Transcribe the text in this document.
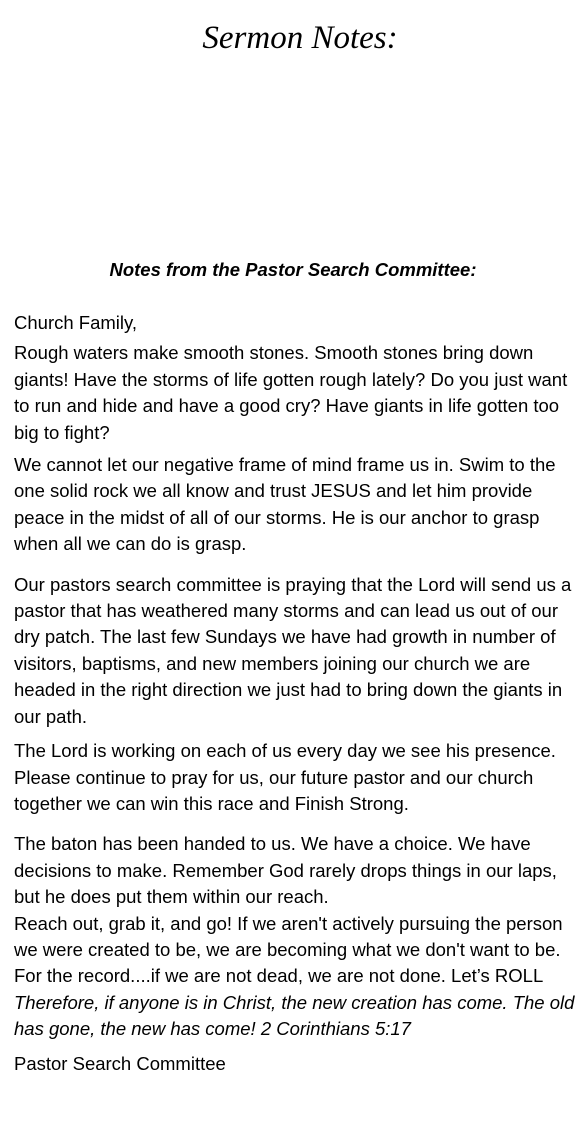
Sermon Notes:
Notes from the Pastor Search Committee:

Church Family,

Rough waters make smooth stones. Smooth stones bring down giants! Have the storms of life gotten rough lately? Do you just want to run and hide and have a good cry? Have giants in life gotten too big to fight?

We cannot let our negative frame of mind frame us in. Swim to the one solid rock we all know and trust JESUS and let him provide peace in the midst of all of our storms. He is our anchor to grasp when all we can do is grasp.

Our pastors search committee is praying that the Lord will send us a pastor that has weathered many storms and can lead us out of our dry patch. The last few Sundays we have had growth in number of visitors, baptisms, and new members joining our church we are headed in the right direction we just had to bring down the giants in our path.

The Lord is working on each of us every day we see his presence. Please continue to pray for us, our future pastor and our church together we can win this race and Finish Strong.

The baton has been handed to us. We have a choice. We have decisions to make. Remember God rarely drops things in our laps, but he does put them within our reach.

Reach out, grab it, and go! If we aren't actively pursuing the person we were created to be, we are becoming what we don't want to be. For the record....if we are not dead, we are not done. Let’s ROLL

Therefore, if anyone is in Christ, the new creation has come. The old has gone, the new has come! 2 Corinthians 5:17

Pastor Search Committee
